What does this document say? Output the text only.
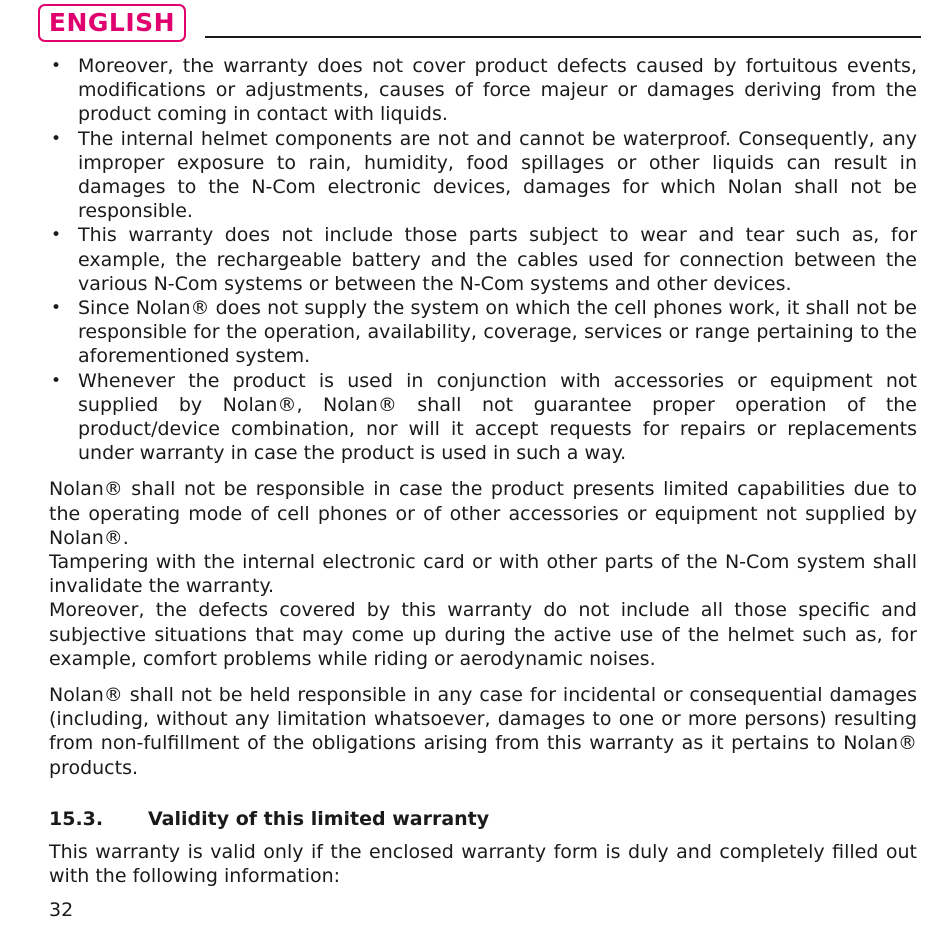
ENGLISH
• Moreover, the warranty does not cover product defects caused by fortuitous events, modifications or adjustments, causes of force majeur or damages deriving from the product coming in contact with liquids.
• The internal helmet components are not and cannot be waterproof. Consequently, any improper exposure to rain, humidity, food spillages or other liquids can result in damages to the N-Com electronic devices, damages for which Nolan shall not be responsible.
• This warranty does not include those parts subject to wear and tear such as, for example, the rechargeable battery and the cables used for connection between the various N-Com systems or between the N-Com systems and other devices.
• Since Nolan® does not supply the system on which the cell phones work, it shall not be responsible for the operation, availability, coverage, services or range pertaining to the aforementioned system.
• Whenever the product is used in conjunction with accessories or equipment not supplied by Nolan®, Nolan® shall not guarantee proper operation of the product/device combination, nor will it accept requests for repairs or replacements under warranty in case the product is used in such a way.

Nolan® shall not be responsible in case the product presents limited capabilities due to the operating mode of cell phones or of other accessories or equipment not supplied by Nolan®.

Tampering with the internal electronic card or with other parts of the N-Com system shall invalidate the warranty.

Moreover, the defects covered by this warranty do not include all those specific and subjective situations that may come up during the active use of the helmet such as, for example, comfort problems while riding or aerodynamic noises.

Nolan® shall not be held responsible in any case for incidental or consequential damages (including, without any limitation whatsoever, damages to one or more persons) resulting from non-fulfillment of the obligations arising from this warranty as it pertains to Nolan® products.

15.3. Validity of this limited warranty

This warranty is valid only if the enclosed warranty form is duly and completely filled out with the following information:

32
